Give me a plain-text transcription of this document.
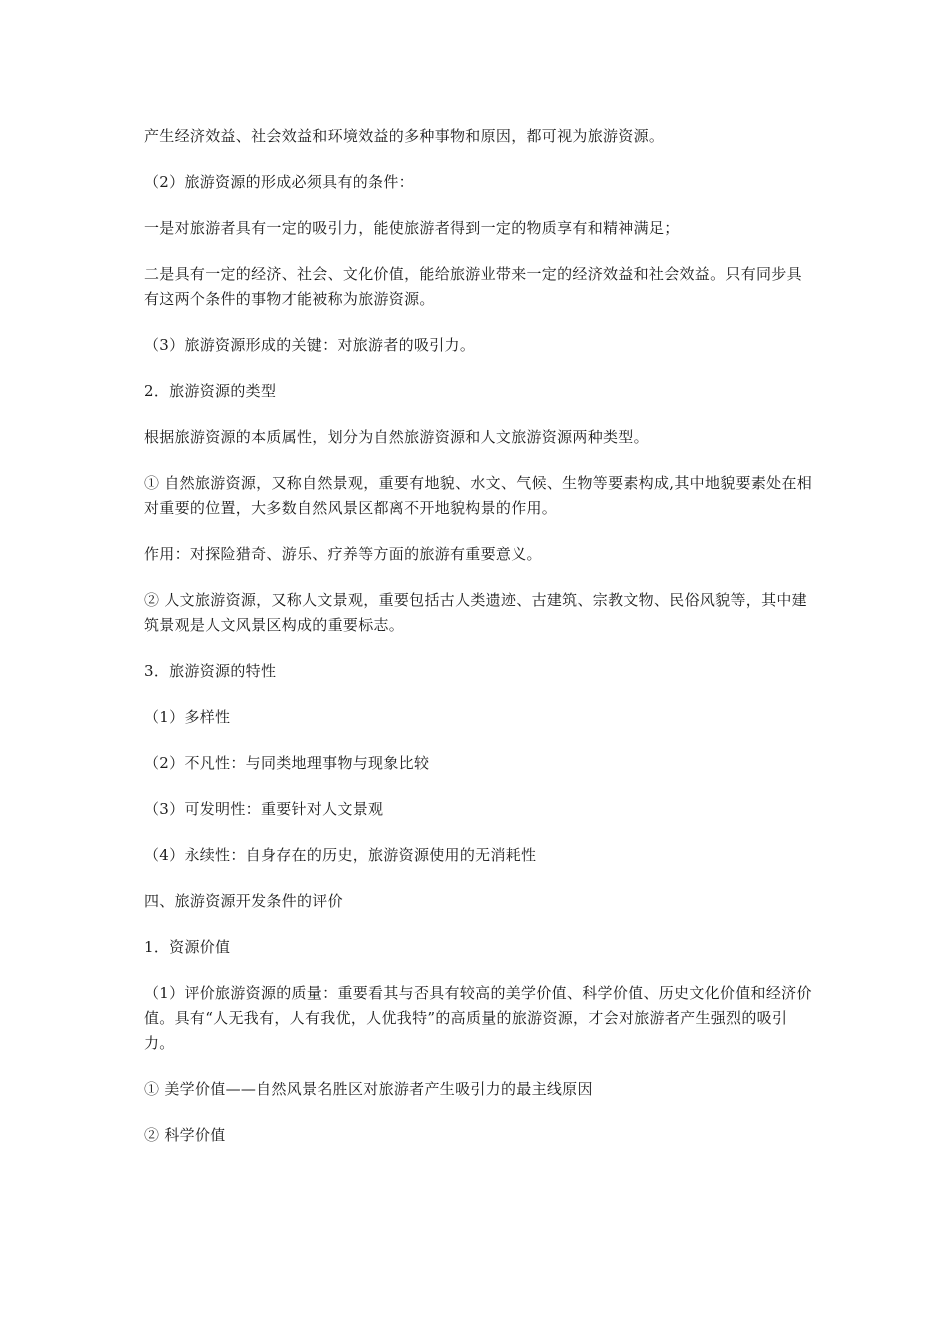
产生经济效益、社会效益和环境效益的多种事物和原因，都可视为旅游资源。

（2）旅游资源的形成必须具有的条件：

一是对旅游者具有一定的吸引力，能使旅游者得到一定的物质享有和精神满足；

二是具有一定的经济、社会、文化价值，能给旅游业带来一定的经济效益和社会效益。只有同步具有这两个条件的事物才能被称为旅游资源。

（3）旅游资源形成的关键：对旅游者的吸引力。

2．旅游资源的类型

根据旅游资源的本质属性，划分为自然旅游资源和人文旅游资源两种类型。

① 自然旅游资源，又称自然景观，重要有地貌、水文、气候、生物等要素构成,其中地貌要素处在相对重要的位置，大多数自然风景区都离不开地貌构景的作用。

作用：对探险猎奇、游乐、疗养等方面的旅游有重要意义。

② 人文旅游资源，又称人文景观，重要包括古人类遗迹、古建筑、宗教文物、民俗风貌等，其中建筑景观是人文风景区构成的重要标志。

3．旅游资源的特性

（1）多样性

（2）不凡性：与同类地理事物与现象比较

（3）可发明性：重要针对人文景观

（4）永续性：自身存在的历史，旅游资源使用的无消耗性

四、旅游资源开发条件的评价

1．资源价值

（1）评价旅游资源的质量：重要看其与否具有较高的美学价值、科学价值、历史文化价值和经济价值。具有“人无我有，人有我优，人优我特”的高质量的旅游资源，才会对旅游者产生强烈的吸引力。

① 美学价值——自然风景名胜区对旅游者产生吸引力的最主线原因

② 科学价值
